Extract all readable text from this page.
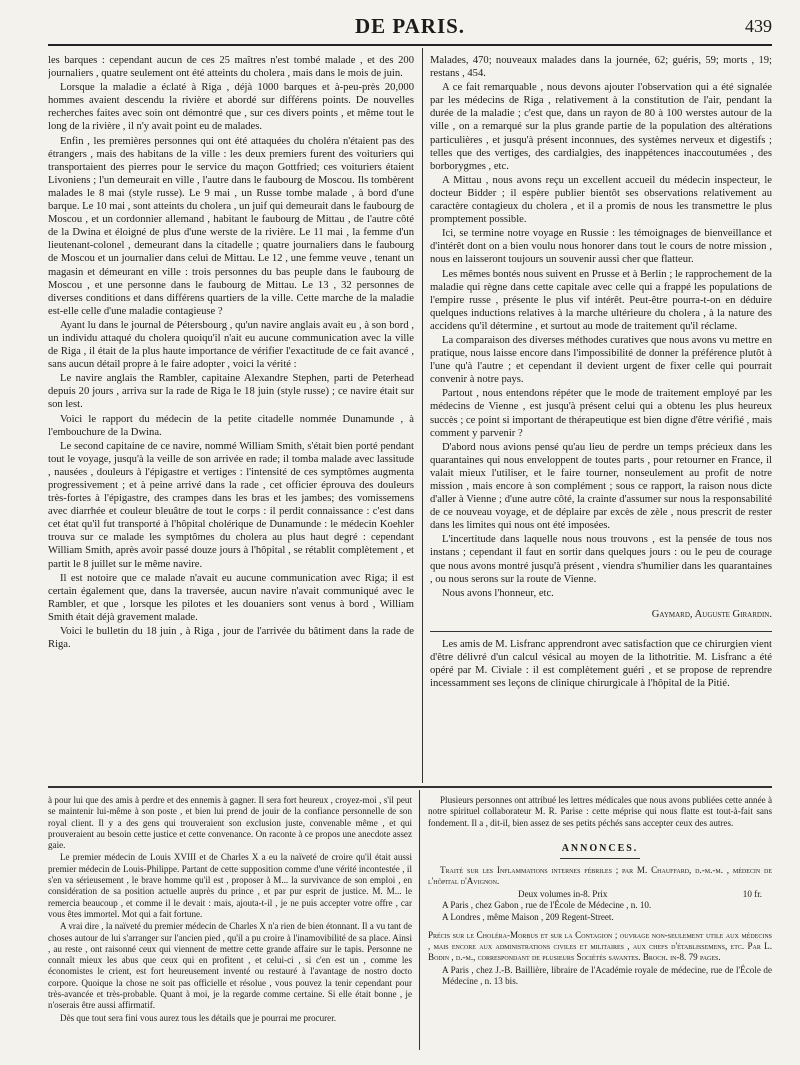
DE PARIS.	439

les barques : cependant aucun de ces 25 maîtres n'est tombé malade , et des 200 journaliers , quatre seulement ont été atteints du cholera , mais dans le mois de juin.

Lorsque la maladie a éclaté à Riga , déjà 1000 barques et à-peu-près 20,000 hommes avaient descendu la rivière et abordé sur différens points. De nouvelles recherches faites avec soin ont démontré que , sur ces divers points , et même tout le long de la rivière , il n'y avait point eu de malades.

Enfin , les premières personnes qui ont été attaquées du choléra n'étaient pas des étrangers , mais des habitans de la ville : les deux premiers furent des voituriers qui transportaient des pierres pour le service du maçon Gottfried; ces voituriers étaient Livoniens ; l'un demeurait en ville , l'autre dans le faubourg de Moscou. Ils tombèrent malades le 8 mai (style russe). Le 9 mai , un Russe tombe malade , à bord d'une barque. Le 10 mai , sont atteints du cholera , un juif qui demeurait dans le faubourg de Moscou , et un cordonnier allemand , habitant le faubourg de Mittau , de l'autre côté de la Dwina et éloigné de plus d'une werste de la rivière. Le 11 mai , la femme d'un lieutenant-colonel , demeurant dans la citadelle ; quatre journaliers dans le faubourg de Moscou et un journalier dans celui de Mittau. Le 12 , une femme veuve , tenant un magasin et démeurant en ville : trois personnes du bas peuple dans le faubourg de Moscou , et une personne dans le faubourg de Mittau. Le 13 , 32 personnes de diverses conditions et dans différens quartiers de la ville. Cette marche de la maladie est-elle celle d'une maladie contagieuse ?

Ayant lu dans le journal de Pétersbourg , qu'un navire anglais avait eu , à son bord , un individu attaqué du cholera quoiqu'il n'ait eu aucune communication avec la ville de Riga , il était de la plus haute importance de vérifier l'exactitude de ce fait avancé , sans aucun détail propre à le faire adopter , voici la vérité :

Le navire anglais the Rambler, capitaine Alexandre Stephen, parti de Peterhead depuis 20 jours , arriva sur la rade de Riga le 18 juin (style russe) ; ce navire était sur son lest.

Voici le rapport du médecin de la petite citadelle nommée Dunamunde , à l'embouchure de la Dwina.

Le second capitaine de ce navire, nommé William Smith, s'était bien porté pendant tout le voyage, jusqu'à la veille de son arrivée en rade; il tomba malade avec lassitude , nausées , douleurs à l'épigastre et vertiges : l'intensité de ces symptômes augmenta progressivement ; et à peine arrivé dans la rade , cet officier éprouva des douleurs très-fortes à l'épigastre, des crampes dans les bras et les jambes; des vomissemens avec diarrhée et couleur bleuâtre de tout le corps : il perdit connaissance : c'est dans cet état qu'il fut transporté à l'hôpital cholérique de Dunamunde : le médecin Koehler trouva sur ce malade les symptômes du cholera au plus haut degré : cependant William Smith, après avoir passé douze jours à l'hôpital , se rétablit complètement , et partit le 8 juillet sur le même navire.

Il est notoire que ce malade n'avait eu aucune communication avec Riga; il est certain également que, dans la traversée, aucun navire n'avait communiqué avec le Rambler, et que , lorsque les pilotes et les douaniers sont venus à bord , William Smith était déjà gravement malade.

Voici le bulletin du 18 juin , à Riga , jour de l'arrivée du bâtiment dans la rade de Riga.

Malades, 470; nouveaux malades dans la journée, 62; guéris, 59; morts , 19; restans , 454.

A ce fait remarquable , nous devons ajouter l'observation qui a été signalée par les médecins de Riga , relativement à la constitution de l'air, pendant la durée de la maladie ; c'est que, dans un rayon de 80 à 100 werstes autour de la ville , on a remarqué sur la plus grande partie de la population des altérations particulières , et jusqu'à présent inconnues, des systèmes nerveux et digestifs ; telles que des vertiges, des cardialgies, des inappétences inaccoutumées , des borborygmes , etc.

A Mittau , nous avons reçu un excellent accueil du médecin inspecteur, le docteur Bidder ; il espère publier bientôt ses observations relativement au caractère contagieux du cholera , et il a promis de nous les transmettre le plus promptement possible.

Ici, se termine notre voyage en Russie : les témoignages de bienveillance et d'intérêt dont on a bien voulu nous honorer dans tout le cours de notre mission , nous en laisseront toujours un souvenir aussi cher que flatteur.

Les mêmes bontés nous suivent en Prusse et à Berlin ; le rapprochement de la maladie qui règne dans cette capitale avec celle qui a frappé les populations de l'empire russe , présente le plus vif intérêt. Peut-être pourra-t-on en déduire quelques inductions relatives à la marche ultérieure du cholera , à la nature des accidens qu'il détermine , et surtout au mode de traitement qu'il réclame.

La comparaison des diverses méthodes curatives que nous avons vu mettre en pratique, nous laisse encore dans l'impossibilité de donner la préférence plutôt à l'une qu'à l'autre ; et cependant il devient urgent de fixer celle qui pourrait convenir à notre pays.

Partout , nous entendons répéter que le mode de traitement employé par les médecins de Vienne , est jusqu'à présent celui qui a obtenu les plus heureux succès ; ce point si important de thérapeutique est bien digne d'être vérifié , mais comment y parvenir ?

D'abord nous avions pensé qu'au lieu de perdre un temps précieux dans les quarantaines qui nous enveloppent de toutes parts , pour retourner en France, il valait mieux l'utiliser, et le faire tourner, nonseulement au profit de notre mission , mais encore à son complément ; sous ce rapport, la raison nous dicte d'aller à Vienne ; d'une autre côté, la crainte d'assumer sur nous la responsabilité de ce nouveau voyage, et de déplaire par excès de zèle , nous prescrit de rester dans les limites qui nous ont été imposées.

L'incertitude dans laquelle nous nous trouvons , est la pensée de tous nos instans ; cependant il faut en sortir dans quelques jours : ou le peu de courage que nous avons montré jusqu'à présent , viendra s'humilier dans les quarantaines , ou nous serons sur la route de Vienne.

Nous avons l'honneur, etc.

Gaymard, Auguste Girardin.

Les amis de M. Lisfranc apprendront avec satisfaction que ce chirurgien vient d'être délivré d'un calcul vésical au moyen de la lithotritie. M. Lisfranc a été opéré par M. Civiale : il est complètement guéri , et se propose de reprendre incessamment ses leçons de clinique chirurgicale à l'hôpital de la Pitié.

à pour lui que des amis à perdre et des ennemis à gagner. Il sera fort heureux , croyez-moi , s'il peut se maintenir lui-même à son poste , et bien lui prend de jouir de la confiance personnelle de son royal client. Il y a des gens qui trouveraient son exclusion juste, convenable même , et qui prouveraient au besoin cette justice et cette convenance. On raconte à ce propos une anecdote assez gaie.

Le premier médecin de Louis XVIII et de Charles X a eu la naïveté de croire qu'il était aussi premier médecin de Louis-Philippe. Partant de cette supposition comme d'une vérité incontestée , il s'en va sérieusement , le brave homme qu'il est , proposer à M... la survivance de son emploi , en considération de sa position actuelle auprès du prince , et par pur esprit de justice. M. M... le remercia beaucoup , et comme il le devait : mais, ajouta-t-il , je ne puis accepter votre offre , car vous êtes immortel. Mot qui a fait fortune.

A vrai dire , la naïveté du premier médecin de Charles X n'a rien de bien étonnant. Il a vu tant de choses autour de lui s'arranger sur l'ancien pied , qu'il a pu croire à l'inamovibilité de sa place. Ainsi , au reste , ont raisonné ceux qui viennent de mettre cette grande affaire sur le tapis. Personne ne connaît mieux les abus que ceux qui en profitent , et celui-ci , si c'en est un , comme les économistes le crient, est fort heureusement inventé ou restauré à l'avantage de nostro docto corpore. Quoique la chose ne soit pas officielle et résolue , vous pouvez la tenir cependant pour très-avancée et très-probable. Quant à moi, je la regarde comme certaine. Si elle était bonne , je n'oserais être aussi affirmatif.

Dès que tout sera fini vous aurez tous les détails que je pourrai me procurer.

Plusieurs personnes ont attribué les lettres médicales que nous avons publiées cette année à notre spirituel collaborateur M. R. Parise : cette méprise qui nous flatte est tout-à-fait sans fondement. Il a , dit-il, bien assez de ses petits péchés sans accepter ceux des autres.

ANNONCES.

Traité sur les Inflammations internes fébriles ; par M. Chauffard, d.-m.-m. , médecin de l'hôpital d'Avignon.

Deux volumes in-8. Prix	10 fr.

A Paris , chez Gabon , rue de l'École de Médecine , n. 10.

A Londres , même Maison , 209 Regent-Street.

Précis sur le Choléra-Morbus et sur la Contagion ; ouvrage non-seulement utile aux médecins , mais encore aux administrations civiles et militaires , aux chefs d'établissemens, etc. Par L. Bodin , d.-m., correspondant de plusieurs Sociétés savantes. Broch. in-8. 79 pages.

A Paris , chez J.-B. Baillière, libraire de l'Académie royale de médecine, rue de l'École de Médecine , n. 13 bis.
